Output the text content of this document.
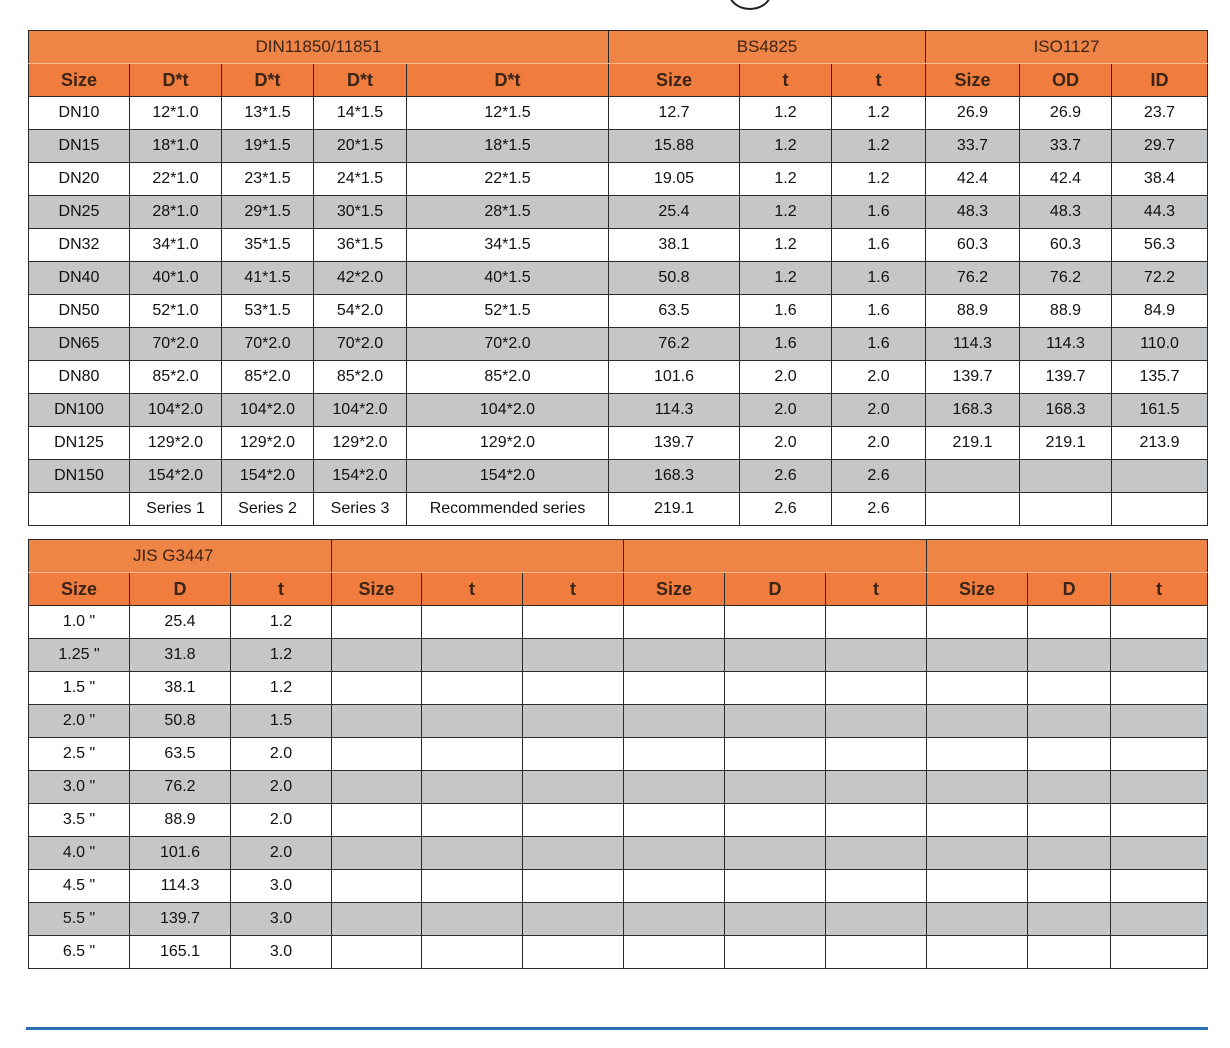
DIN11850/11851					BS4825			ISO1127		
Size	D*t	D*t	D*t	D*t	Size	t	t	Size	OD	ID
DN10	12*1.0	13*1.5	14*1.5	12*1.5	12.7	1.2	1.2	26.9	26.9	23.7
DN15	18*1.0	19*1.5	20*1.5	18*1.5	15.88	1.2	1.2	33.7	33.7	29.7
DN20	22*1.0	23*1.5	24*1.5	22*1.5	19.05	1.2	1.2	42.4	42.4	38.4
DN25	28*1.0	29*1.5	30*1.5	28*1.5	25.4	1.2	1.6	48.3	48.3	44.3
DN32	34*1.0	35*1.5	36*1.5	34*1.5	38.1	1.2	1.6	60.3	60.3	56.3
DN40	40*1.0	41*1.5	42*2.0	40*1.5	50.8	1.2	1.6	76.2	76.2	72.2
DN50	52*1.0	53*1.5	54*2.0	52*1.5	63.5	1.6	1.6	88.9	88.9	84.9
DN65	70*2.0	70*2.0	70*2.0	70*2.0	76.2	1.6	1.6	114.3	114.3	110.0
DN80	85*2.0	85*2.0	85*2.0	85*2.0	101.6	2.0	2.0	139.7	139.7	135.7
DN100	104*2.0	104*2.0	104*2.0	104*2.0	114.3	2.0	2.0	168.3	168.3	161.5
DN125	129*2.0	129*2.0	129*2.0	129*2.0	139.7	2.0	2.0	219.1	219.1	213.9
DN150	154*2.0	154*2.0	154*2.0	154*2.0	168.3	2.6	2.6			
	Series 1	Series 2	Series 3	Recommended series	219.1	2.6	2.6			
JIS G3447											
Size	D	t	Size	t	t	Size	D	t	Size	D	t
1.0 "	25.4	1.2									
1.25 "	31.8	1.2									
1.5 "	38.1	1.2									
2.0 "	50.8	1.5									
2.5 "	63.5	2.0									
3.0 "	76.2	2.0									
3.5 "	88.9	2.0									
4.0 "	101.6	2.0									
4.5 "	114.3	3.0									
5.5 "	139.7	3.0									
6.5 "	165.1	3.0									
